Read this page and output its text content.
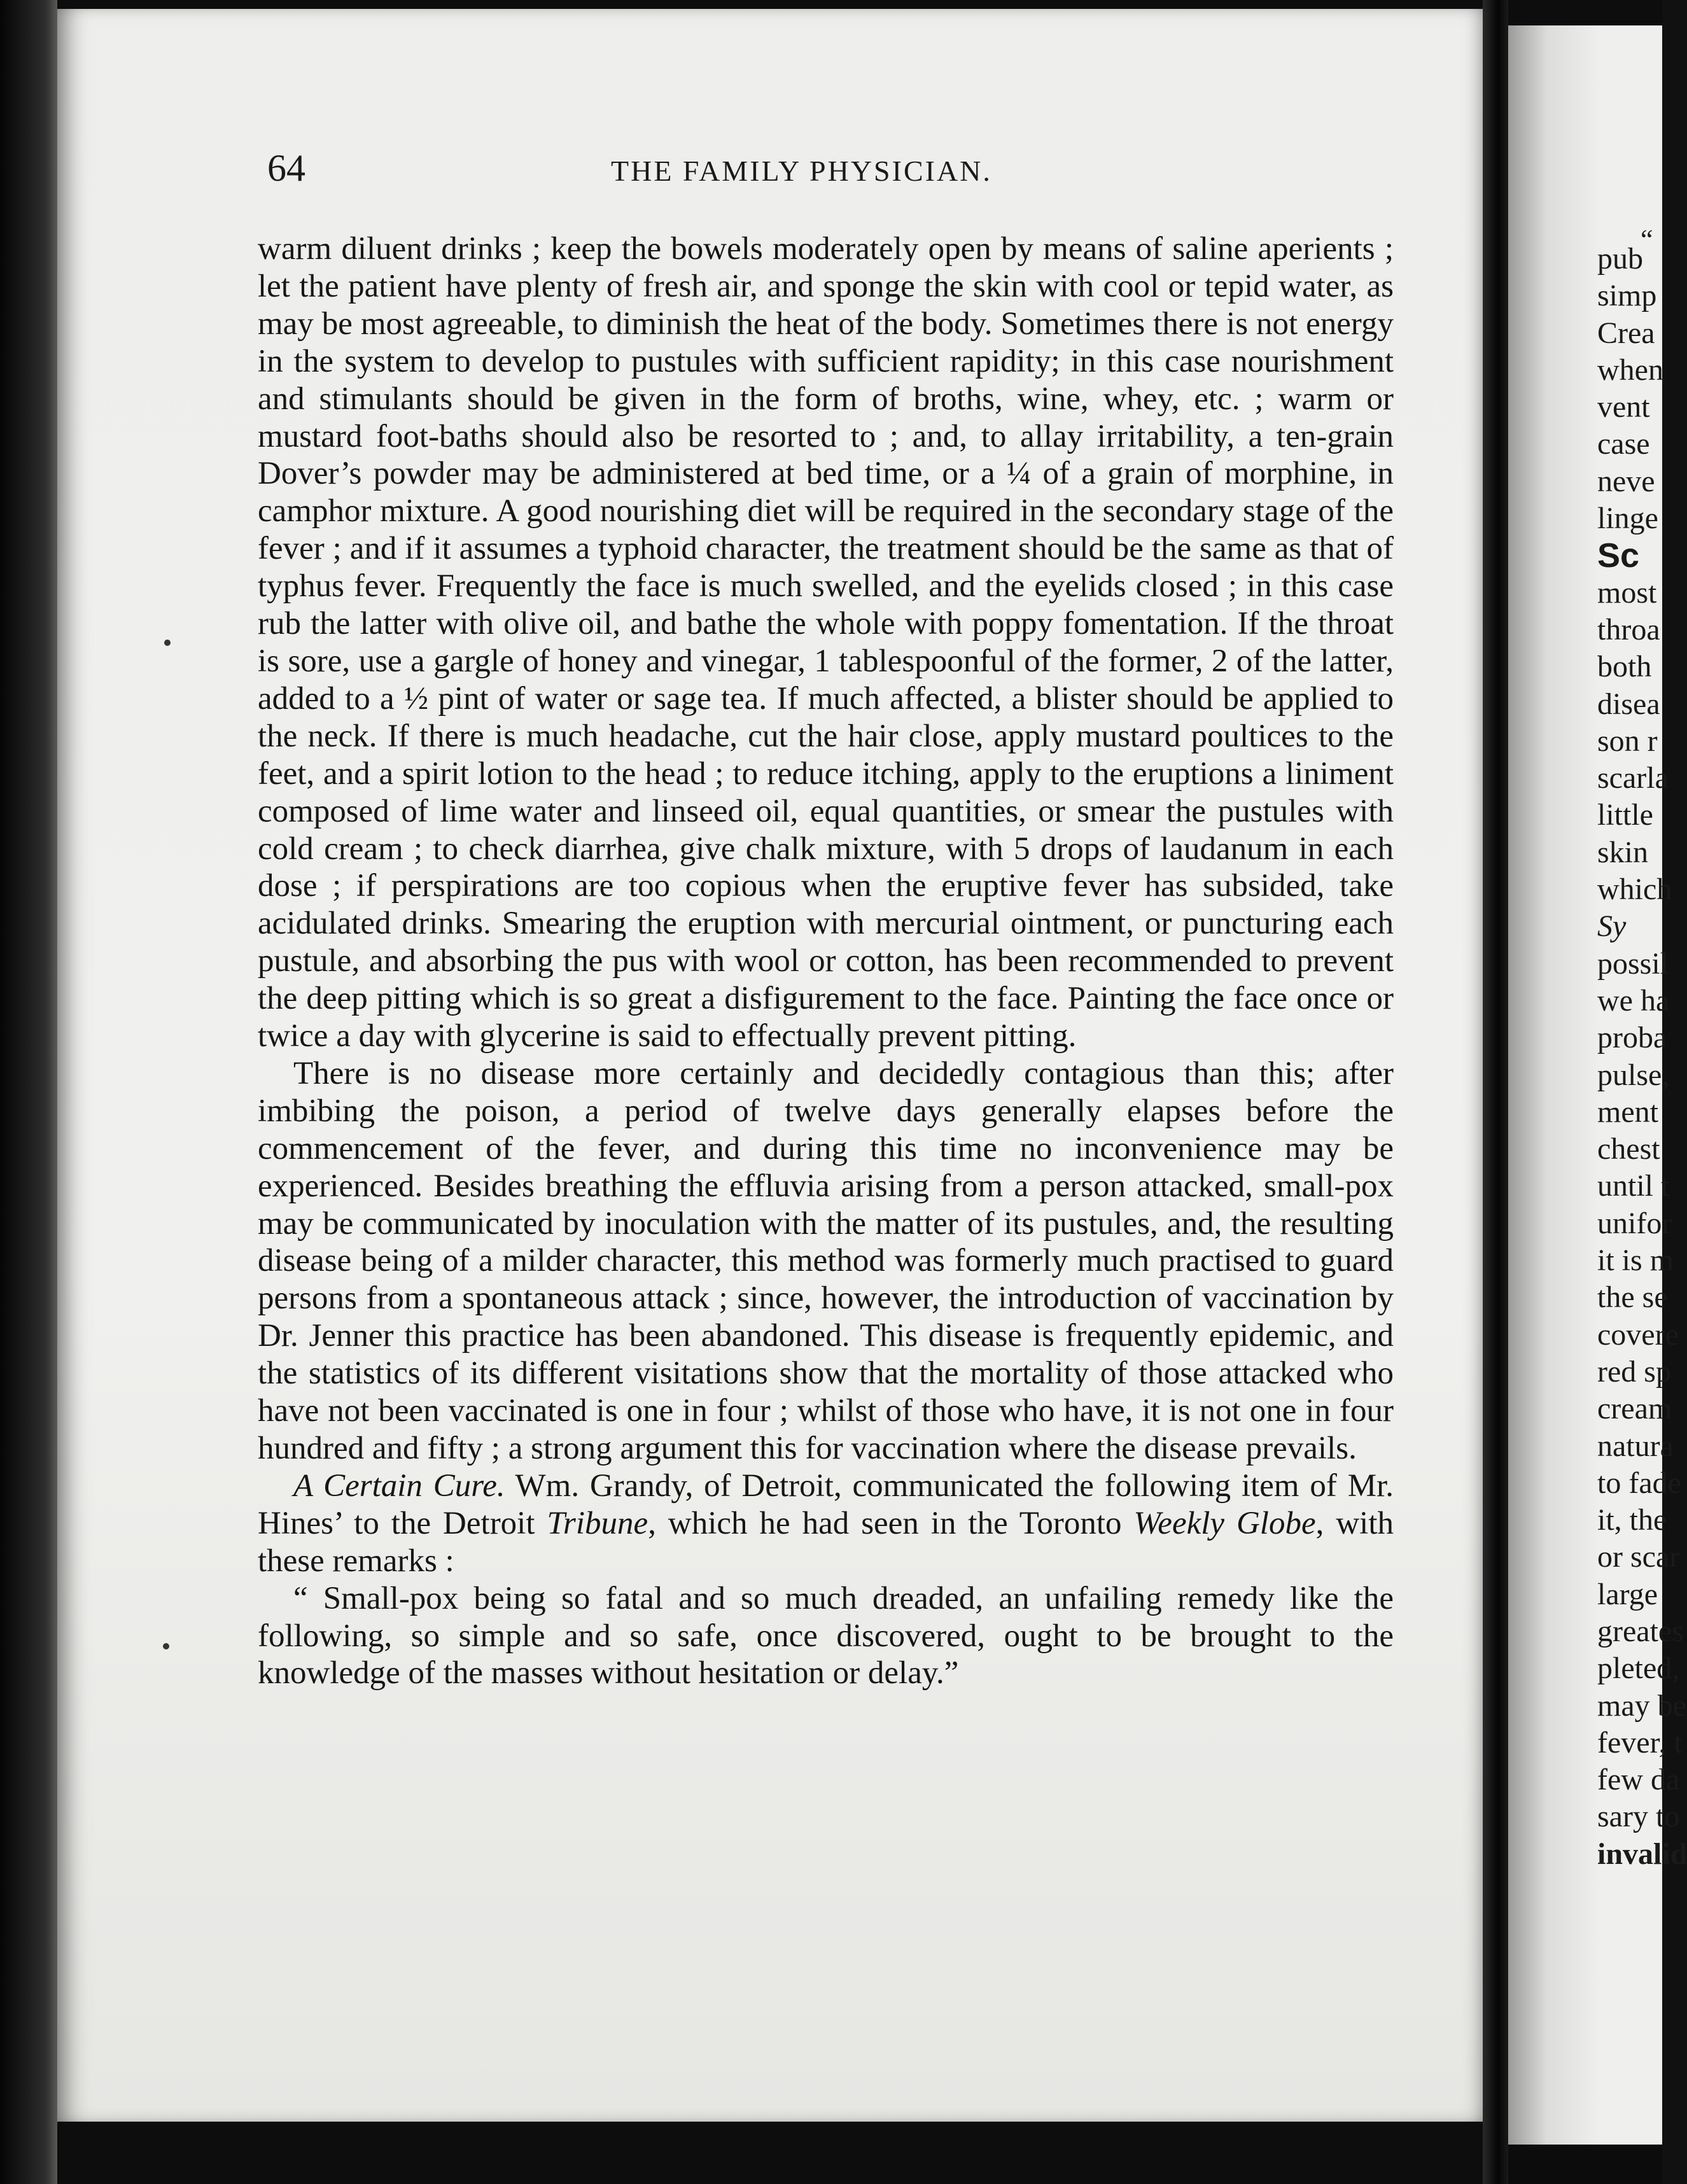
64	THE FAMILY PHYSICIAN.

warm diluent drinks ; keep the bowels moderately open by means of saline aperients ; let the patient have plenty of fresh air, and sponge the skin with cool or tepid water, as may be most agreeable, to diminish the heat of the body. Sometimes there is not energy in the system to develop to pustules with sufficient rapidity; in this case nourishment and stimulants should be given in the form of broths, wine, whey, etc. ; warm or mustard foot-baths should also be resorted to ; and, to allay irritability, a ten-grain Dover’s powder may be administered at bed time, or a ¼ of a grain of morphine, in camphor mixture. A good nourishing diet will be required in the secondary stage of the fever ; and if it assumes a typhoid character, the treatment should be the same as that of typhus fever. Frequently the face is much swelled, and the eyelids closed ; in this case rub the latter with olive oil, and bathe the whole with poppy fomentation. If the throat is sore, use a gargle of honey and vinegar, 1 tablespoonful of the former, 2 of the latter, added to a ½ pint of water or sage tea. If much affected, a blister should be applied to the neck. If there is much headache, cut the hair close, apply mustard poultices to the feet, and a spirit lotion to the head ; to reduce itching, apply to the eruptions a liniment composed of lime water and linseed oil, equal quantities, or smear the pustules with cold cream ; to check diarrhea, give chalk mixture, with 5 drops of laudanum in each dose ; if perspirations are too copious when the eruptive fever has subsided, take acidulated drinks. Smearing the eruption with mercurial ointment, or puncturing each pustule, and absorbing the pus with wool or cotton, has been recommended to prevent the deep pitting which is so great a disfigurement to the face. Painting the face once or twice a day with glycerine is said to effectually prevent pitting.

There is no disease more certainly and decidedly contagious than this; after imbibing the poison, a period of twelve days generally elapses before the commencement of the fever, and during this time no inconvenience may be experienced. Besides breathing the effluvia arising from a person attacked, small-pox may be communicated by inoculation with the matter of its pustules, and, the resulting disease being of a milder character, this method was formerly much practised to guard persons from a spontaneous attack ; since, however, the introduction of vaccination by Dr. Jenner this practice has been abandoned. This disease is frequently epidemic, and the statistics of its different visitations show that the mortality of those attacked who have not been vaccinated is one in four ; whilst of those who have, it is not one in four hundred and fifty ; a strong argument this for vaccination where the disease prevails.

A Certain Cure. Wm. Grandy, of Detroit, communicated the following item of Mr. Hines’ to the Detroit Tribune, which he had seen in the Toronto Weekly Globe, with these remarks :

“ Small-pox being so fatal and so much dreaded, an unfailing remedy like the following, so simple and so safe, once discovered, ought to be brought to the knowledge of the masses without hesitation or delay.”

“
pub
simp
Crea
when
vent
case
neve
linge
Sc
most
throa
both
disea
son r
scarla
little
skin
which
Sy
possil
we ha
proba
pulse,
ment
chest
until t
unifor
it is m
the se
covere
red sp
cream
natura
to fade
it, the
or scar
large
greates
pleted,
may be
fever, t
few da
sary to
invalid
